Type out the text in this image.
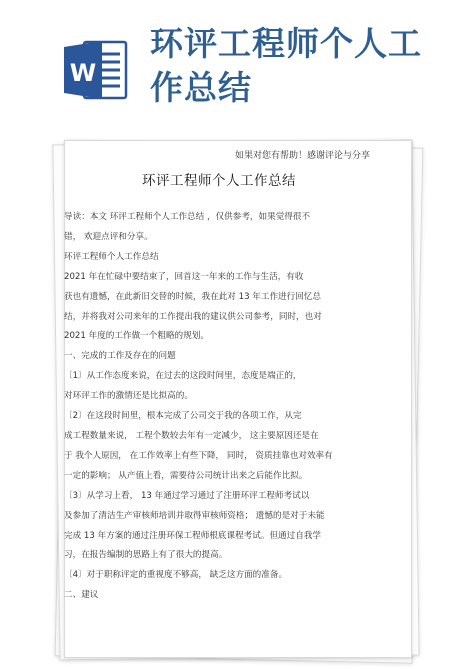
W
环评工程师个人工
作总结
如果对您有帮助！感谢评论与分享
环评工程师个人工作总结

导读：本文 环评工程师个人工作总结 ，仅供参考，如果觉得很不

错， 欢迎点评和分享。

环评工程师个人工作总结

2021 年在忙碌中要结束了，回首这一年来的工作与生活，有收

获也有遗憾，在此新旧交替的时候，我在此对 13 年工作进行回忆总

结，并将我对公司来年的工作提出我的建议供公司参考，同时，也对

2021 年度的工作做一个粗略的规划。

一、完成的工作及存在的问题

〔1〕从工作态度来说，在过去的这段时间里，态度是端正的，

对环评工作的激情还是比拟高的。

〔2〕在这段时间里，根本完成了公司交于我的各项工作，从完

成工程数量来说， 工程个数较去年有一定减少， 这主要原因还是在

于 我个人原因， 在工作效率上有些下降， 同时， 资质挂靠也对效率有

一定的影响； 从产值上看，需要待公司统计出来之后能作比拟。

〔3〕从学习上看， 13 年通过学习通过了注册环评工程师考试以

及参加了清洁生产审核师培训并取得审核师资格； 遗憾的是对于未能

完成 13 年方案的通过注册环保工程师根底课程考试。但通过自我学

习，在报告编制的思路上有了很大的提高。

〔4〕对于职称评定的重视度不够高， 缺乏这方面的准备。

二、建议
